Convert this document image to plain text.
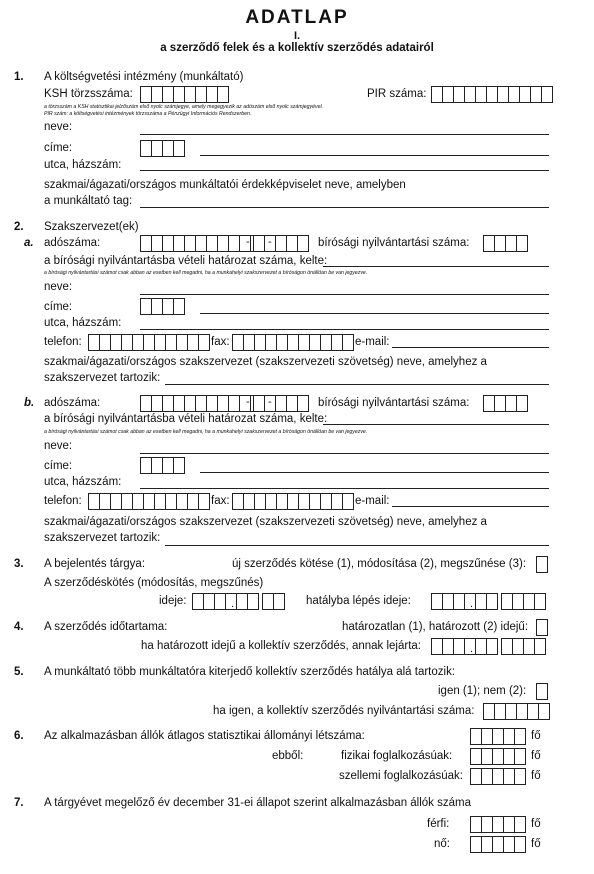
ADATLAP
I.
a szerződő felek és a kollektív szerződés adatairól
1. A költségvetési intézmény (munkáltató)
KSH törzsszáma:	PIR száma:
a törzsszám a KSH statisztikai jelzőszám első nyolc számjegye, amely megegyezik az adószám első nyolc számjegyével.
PIR szám: a költségvetési intézmények törzsszáma a Pénzügyi Információs Rendszerben.
neve:
címe:
utca, házszám:
szakmai/ágazati/országos munkáltatói érdekképviselet neve, amelyben
a munkáltató tag:
2. Szakszervezet(ek)
a. adószáma:	- -	bírósági nyilvántartási száma:
a bírósági nyilvántartásba vételi határozat száma, kelte:
a bírósági nyilvántartási számot csak abban az esetben kell megadni, ha a munkahelyi szakszervezet a bíróságon önállóan be van jegyezve.
neve:
címe:
utca, házszám:
telefon:	fax:	e-mail:
szakmai/ágazati/országos szakszervezet (szakszervezeti szövetség) neve, amelyhez a
szakszervezet tartozik:
b. adószáma:	- -	bírósági nyilvántartási száma:
a bírósági nyilvántartásba vételi határozat száma, kelte:
a bírósági nyilvántartási számot csak abban az esetben kell megadni, ha a munkahelyi szakszervezet a bíróságon önállóan be van jegyezve.
neve:
címe:
utca, házszám:
telefon:	fax:	e-mail:
szakmai/ágazati/országos szakszervezet (szakszervezeti szövetség) neve, amelyhez a
szakszervezet tartozik:
3. A bejelentés tárgya:	új szerződés kötése (1), módosítása (2), megszűnése (3):
A szerződéskötés (módosítás, megszűnés)
ideje:	. .	hatályba lépés ideje:	. .
4. A szerződés időtartama:	határozatlan (1), határozott (2) idejű:
ha határozott idejű a kollektív szerződés, annak lejárta:	. .
5. A munkáltató több munkáltatóra kiterjedő kollektív szerződés hatálya alá tartozik:
igen (1); nem (2):
ha igen, a kollektív szerződés nyilvántartási száma:
6. Az alkalmazásban állók átlagos statisztikai állományi létszáma:	fő
ebből:	fizikai foglalkozásúak:	fő
szellemi foglalkozásúak:	fő
7. A tárgyévet megelőző év december 31-ei állapot szerint alkalmazásban állók száma
férfi:	fő
nő:	fő
